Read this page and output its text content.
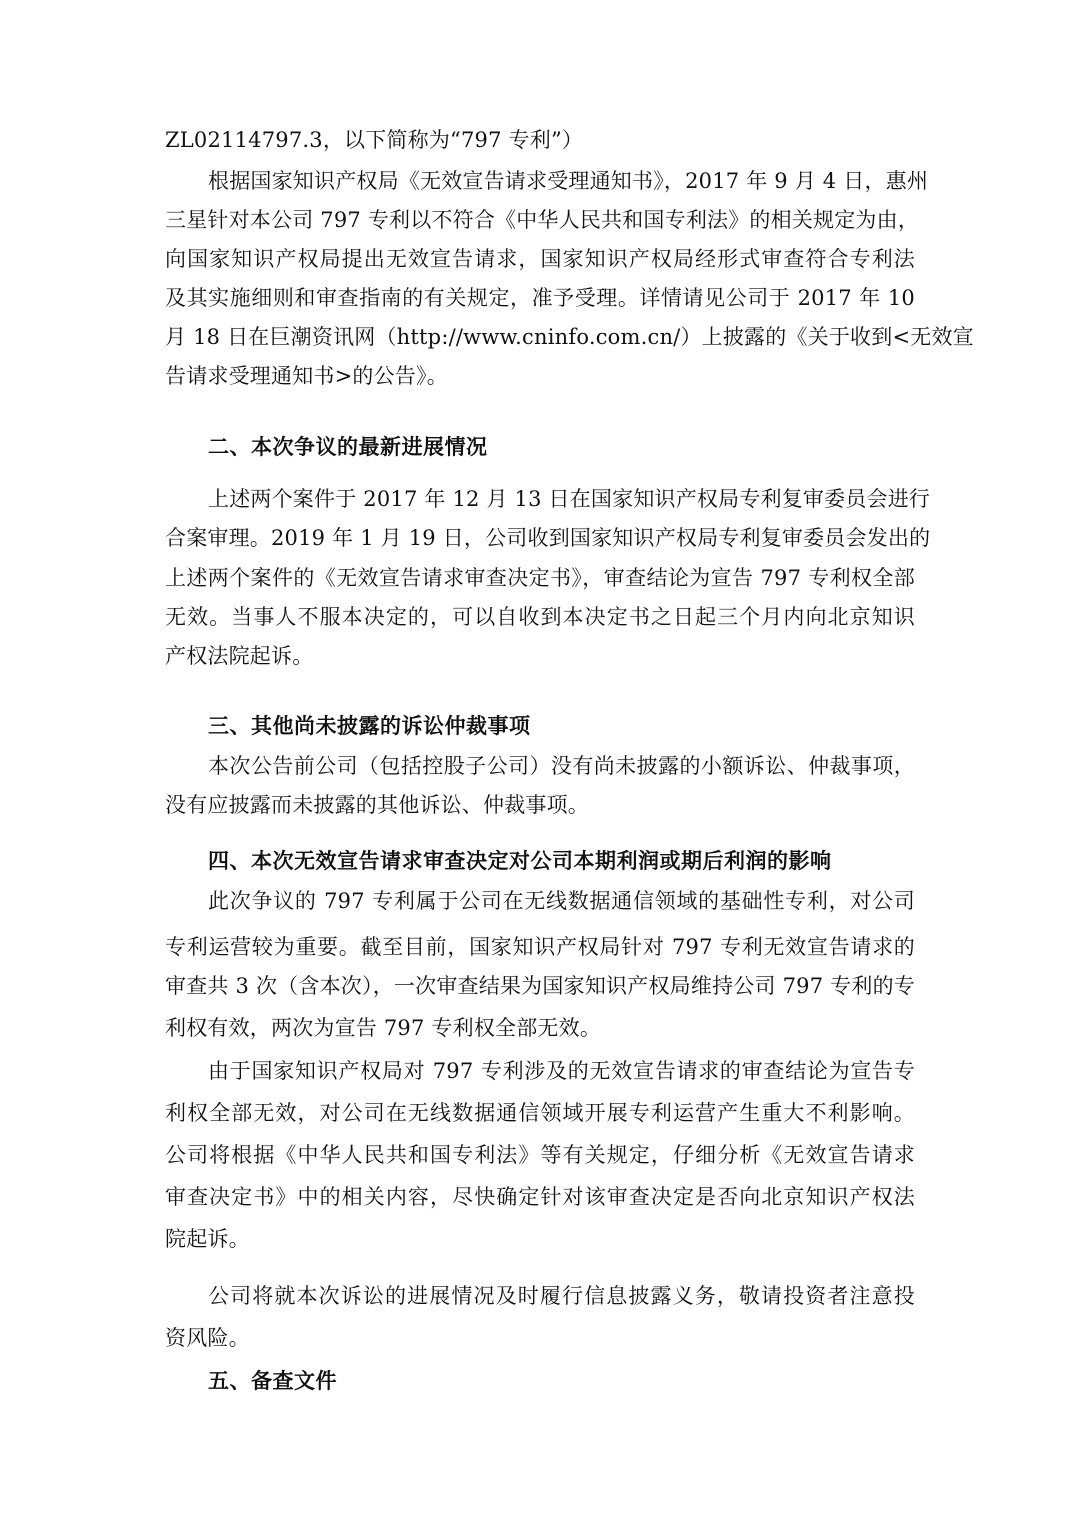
ZL02114797.3，以下简称为“797 专利”）
根据国家知识产权局《无效宣告请求受理通知书》，2017 年 9 月 4 日，惠州
三星针对本公司 797 专利以不符合《中华人民共和国专利法》的相关规定为由，
向国家知识产权局提出无效宣告请求，国家知识产权局经形式审查符合专利法
及其实施细则和审查指南的有关规定，准予受理。详情请见公司于 2017 年 10
月 18 日在巨潮资讯网（http://www.cninfo.com.cn/）上披露的《关于收到<无效宣
告请求受理通知书>的公告》。
二、本次争议的最新进展情况
上述两个案件于 2017 年 12 月 13 日在国家知识产权局专利复审委员会进行
合案审理。2019 年 1 月 19 日，公司收到国家知识产权局专利复审委员会发出的
上述两个案件的《无效宣告请求审查决定书》，审查结论为宣告 797 专利权全部
无效。当事人不服本决定的，可以自收到本决定书之日起三个月内向北京知识
产权法院起诉。
三、其他尚未披露的诉讼仲裁事项
本次公告前公司（包括控股子公司）没有尚未披露的小额诉讼、仲裁事项，
没有应披露而未披露的其他诉讼、仲裁事项。
四、本次无效宣告请求审查决定对公司本期利润或期后利润的影响
此次争议的 797 专利属于公司在无线数据通信领域的基础性专利，对公司
专利运营较为重要。截至目前，国家知识产权局针对 797 专利无效宣告请求的
审查共 3 次（含本次），一次审查结果为国家知识产权局维持公司 797 专利的专
利权有效，两次为宣告 797 专利权全部无效。
由于国家知识产权局对 797 专利涉及的无效宣告请求的审查结论为宣告专
利权全部无效，对公司在无线数据通信领域开展专利运营产生重大不利影响。
公司将根据《中华人民共和国专利法》等有关规定，仔细分析《无效宣告请求
审查决定书》中的相关内容，尽快确定针对该审查决定是否向北京知识产权法
院起诉。
公司将就本次诉讼的进展情况及时履行信息披露义务，敬请投资者注意投
资风险。
五、备查文件
